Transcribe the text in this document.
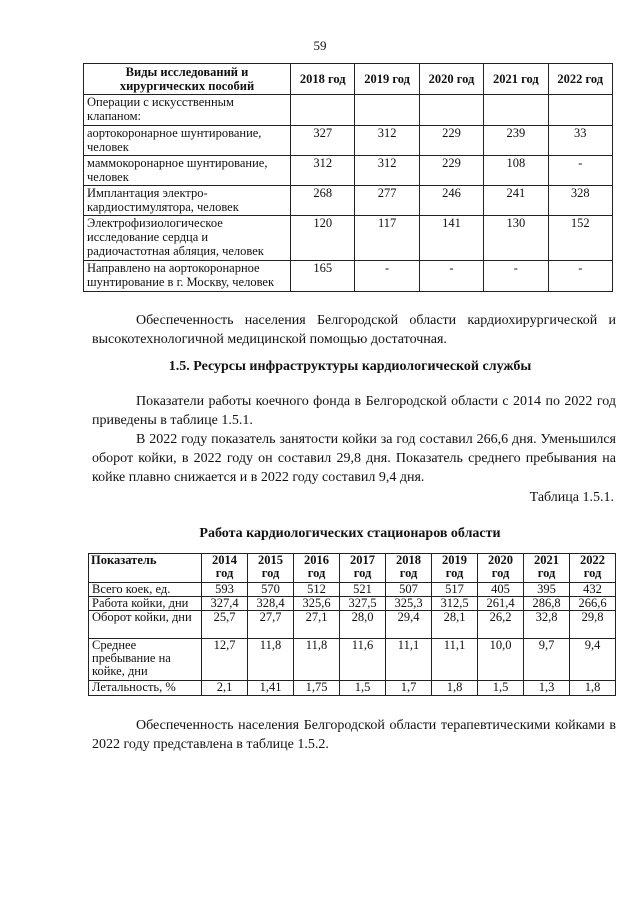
59
Виды исследований и хирургических пособий	2018 год	2019 год	2020 год	2021 год	2022 год
Операции с искусственным клапаном:					
аортокоронарное шунтирование, человек	327	312	229	239	33
маммокоронарное шунтирование, человек	312	312	229	108	-
Имплантация электро-кардиостимулятора, человек	268	277	246	241	328
Электрофизиологическое исследование сердца и радиочастотная абляция, человек	120	117	141	130	152
Направлено на аортокоронарное шунтирование в г. Москву, человек	165	-	-	-	-
Обеспеченность населения Белгородской области кардиохирургической и высокотехнологичной медицинской помощью достаточная.
1.5. Ресурсы инфраструктуры кардиологической службы
Показатели работы коечного фонда в Белгородской области с 2014 по 2022 год приведены в таблице 1.5.1.
В 2022 году показатель занятости койки за год составил 266,6 дня. Уменьшился оборот койки, в 2022 году он составил 29,8 дня. Показатель среднего пребывания на койке плавно снижается и в 2022 году составил 9,4 дня.
Таблица 1.5.1.
Работа кардиологических стационаров области
Показатель	2014 год	2015 год	2016 год	2017 год	2018 год	2019 год	2020 год	2021 год	2022 год
Всего коек, ед.	593	570	512	521	507	517	405	395	432
Работа койки, дни	327,4	328,4	325,6	327,5	325,3	312,5	261,4	286,8	266,6
Оборот койки, дни	25,7	27,7	27,1	28,0	29,4	28,1	26,2	32,8	29,8
Среднее пребывание на койке, дни	12,7	11,8	11,8	11,6	11,1	11,1	10,0	9,7	9,4
Летальность, %	2,1	1,41	1,75	1,5	1,7	1,8	1,5	1,3	1,8
Обеспеченность населения Белгородской области терапевтическими койками в 2022 году представлена в таблице 1.5.2.
